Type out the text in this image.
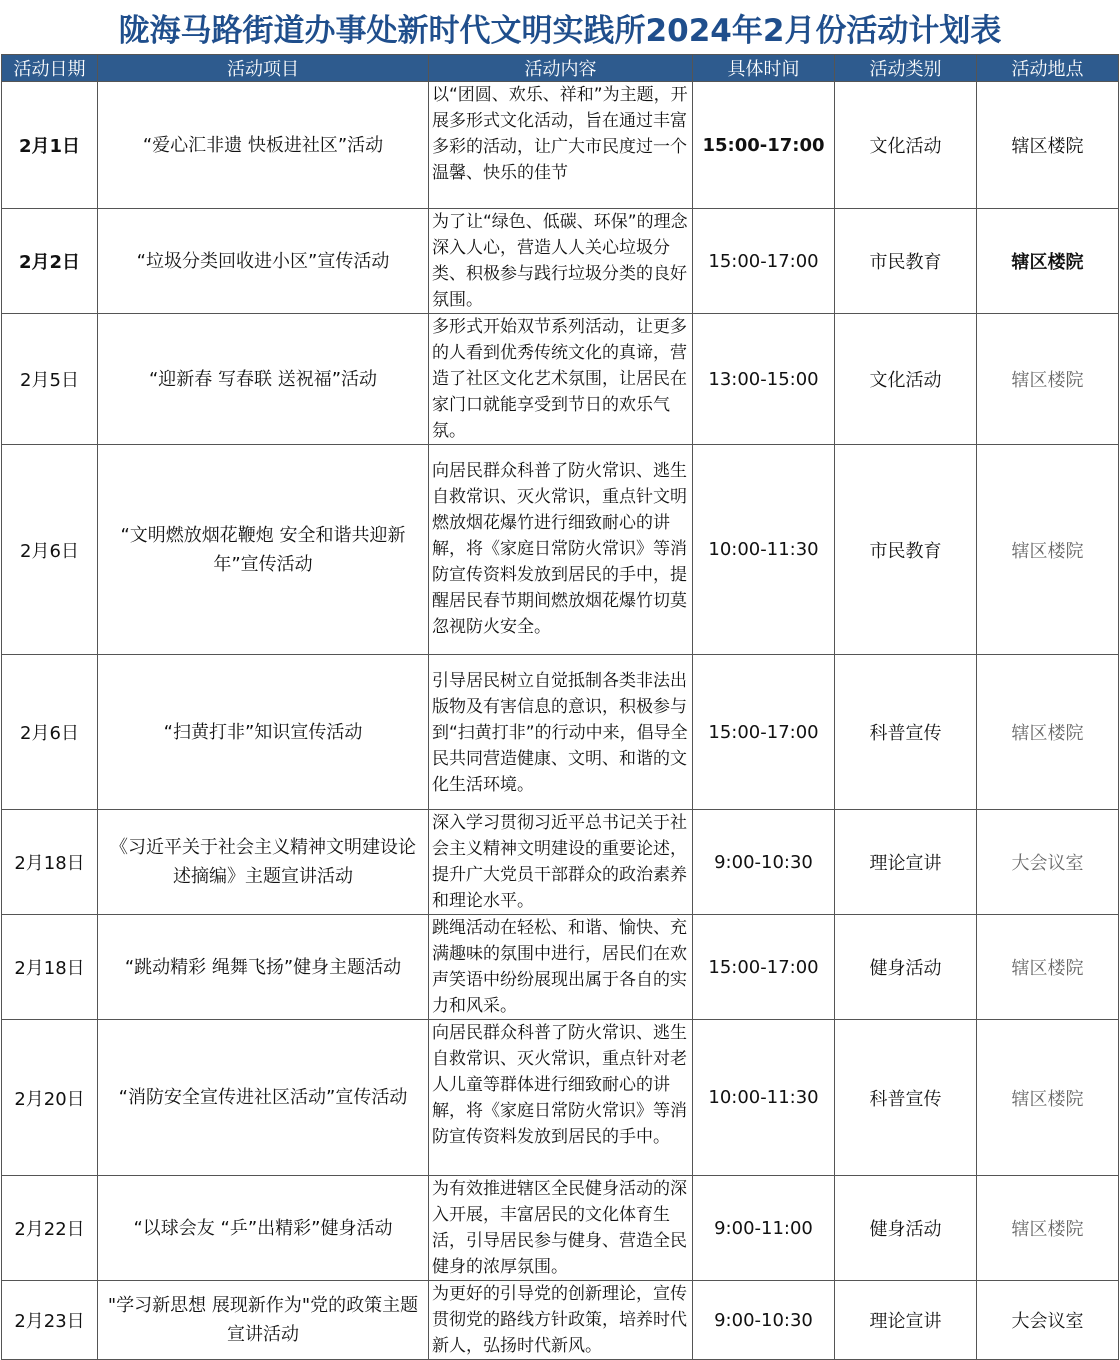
陇海马路街道办事处新时代文明实践所2024年2月份活动计划表
活动日期	活动项目	活动内容	具体时间	活动类别	活动地点
2月1日	“爱心汇非遗 快板进社区”活动	以“团圆、欢乐、祥和”为主题，开展多形式文化活动，旨在通过丰富多彩的活动，让广大市民度过一个温馨、快乐的佳节	15:00-17:00	文化活动	辖区楼院
2月2日	“垃圾分类回收进小区”宣传活动	为了让“绿色、低碳、环保”的理念深入人心，营造人人关心垃圾分类、积极参与践行垃圾分类的良好氛围。	15:00-17:00	市民教育	辖区楼院
2月5日	“迎新春 写春联 送祝福”活动	多形式开始双节系列活动，让更多的人看到优秀传统文化的真谛，营造了社区文化艺术氛围，让居民在家门口就能享受到节日的欢乐气氛。	13:00-15:00	文化活动	辖区楼院
2月6日	“文明燃放烟花鞭炮 安全和谐共迎新年”宣传活动	向居民群众科普了防火常识、逃生自救常识、灭火常识，重点针文明燃放烟花爆竹进行细致耐心的讲解，将《家庭日常防火常识》等消防宣传资料发放到居民的手中，提醒居民春节期间燃放烟花爆竹切莫忽视防火安全。	10:00-11:30	市民教育	辖区楼院
2月6日	“扫黄打非”知识宣传活动	引导居民树立自觉抵制各类非法出版物及有害信息的意识，积极参与到“扫黄打非”的行动中来，倡导全民共同营造健康、文明、和谐的文化生活环境。	15:00-17:00	科普宣传	辖区楼院
2月18日	《习近平关于社会主义精神文明建设论述摘编》主题宣讲活动	深入学习贯彻习近平总书记关于社会主义精神文明建设的重要论述，提升广大党员干部群众的政治素养和理论水平。	9:00-10:30	理论宣讲	大会议室
2月18日	“跳动精彩 绳舞飞扬”健身主题活动	跳绳活动在轻松、和谐、愉快、充满趣味的氛围中进行，居民们在欢声笑语中纷纷展现出属于各自的实力和风采。	15:00-17:00	健身活动	辖区楼院
2月20日	“消防安全宣传进社区活动”宣传活动	向居民群众科普了防火常识、逃生自救常识、灭火常识，重点针对老人儿童等群体进行细致耐心的讲解，将《家庭日常防火常识》等消防宣传资料发放到居民的手中。	10:00-11:30	科普宣传	辖区楼院
2月22日	“以球会友 “乒”出精彩”健身活动	为有效推进辖区全民健身活动的深入开展，丰富居民的文化体育生活，引导居民参与健身、营造全民健身的浓厚氛围。	9:00-11:00	健身活动	辖区楼院
2月23日	"学习新思想 展现新作为"党的政策主题宣讲活动	为更好的引导党的创新理论，宣传贯彻党的路线方针政策，培养时代新人，弘扬时代新风。	9:00-10:30	理论宣讲	大会议室
